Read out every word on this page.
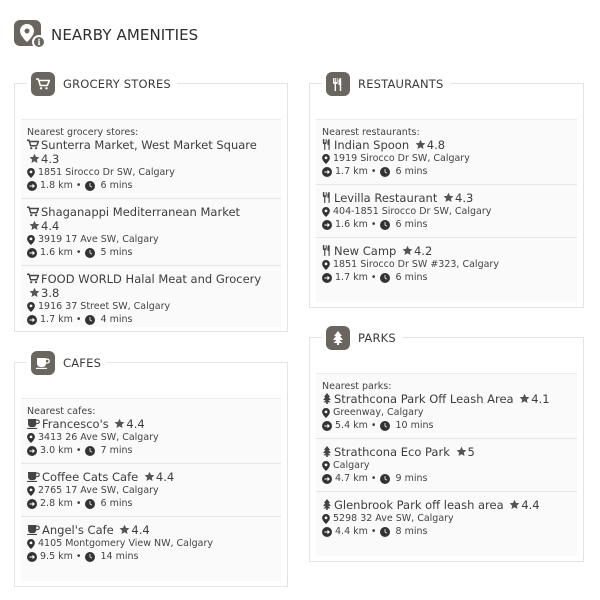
i NEARBY AMENITIES
GROCERY STORES
Nearest grocery stores:
Sunterra Market, West Market Square 4.3
1851 Sirocco Dr SW, Calgary
1.8 km • 6 mins
Shaganappi Mediterranean Market 4.4
3919 17 Ave SW, Calgary
1.6 km • 5 mins
FOOD WORLD Halal Meat and Grocery 3.8
1916 37 Street SW, Calgary
1.7 km • 4 mins
RESTAURANTS
Nearest restaurants:
Indian Spoon 4.8
1919 Sirocco Dr SW, Calgary
1.7 km • 6 mins
Levilla Restaurant 4.3
404-1851 Sirocco Dr SW, Calgary
1.6 km • 6 mins
New Camp 4.2
1851 Sirocco Dr SW #323, Calgary
1.7 km • 6 mins
CAFES
Nearest cafes:
Francesco's 4.4
3413 26 Ave SW, Calgary
3.0 km • 7 mins
Coffee Cats Cafe 4.4
2765 17 Ave SW, Calgary
2.8 km • 6 mins
Angel's Cafe 4.4
4105 Montgomery View NW, Calgary
9.5 km • 14 mins
PARKS
Nearest parks:
Strathcona Park Off Leash Area 4.1
Greenway, Calgary
5.4 km • 10 mins
Strathcona Eco Park 5
Calgary
4.7 km • 9 mins
Glenbrook Park off leash area 4.4
5298 32 Ave SW, Calgary
4.4 km • 8 mins
